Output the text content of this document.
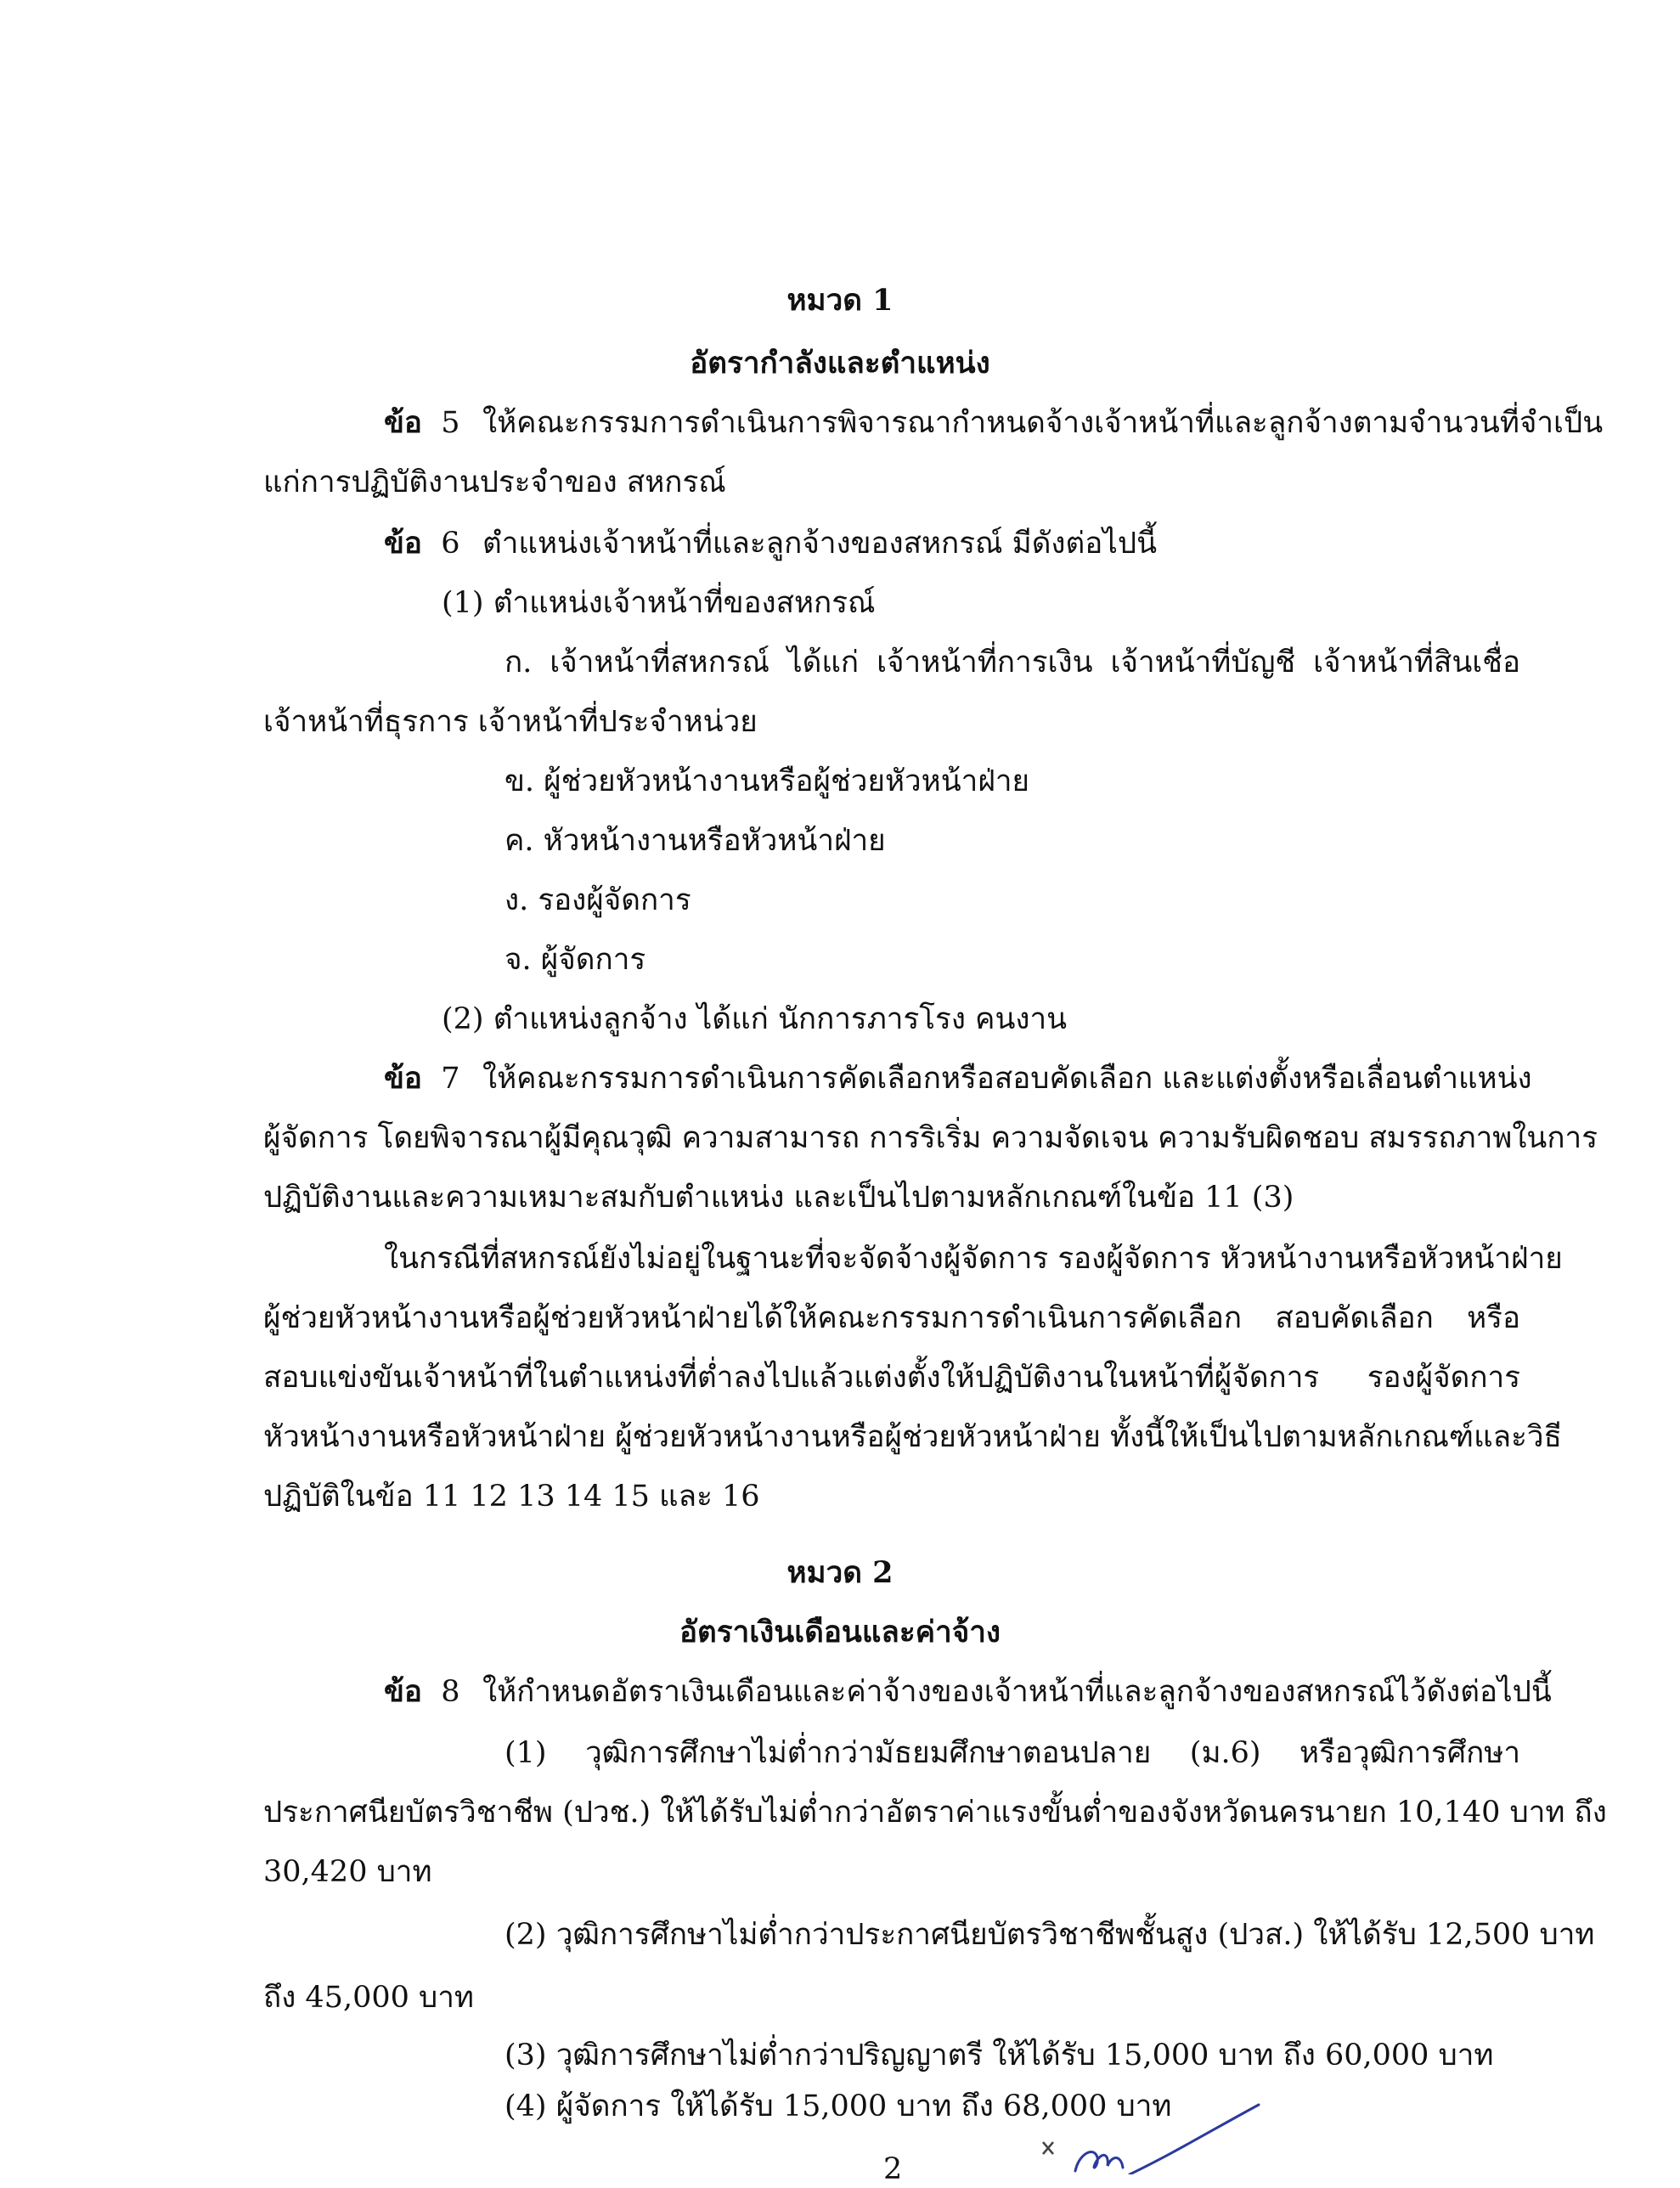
หมวด 1
อัตรากำลังและตำแหน่ง
ข้อ 5 ให้คณะกรรมการดำเนินการพิจารณากำหนดจ้างเจ้าหน้าที่และลูกจ้างตามจำนวนที่จำเป็น
แก่การปฏิบัติงานประจำของ สหกรณ์
ข้อ 6 ตำแหน่งเจ้าหน้าที่และลูกจ้างของสหกรณ์ มีดังต่อไปนี้
(1) ตำแหน่งเจ้าหน้าที่ของสหกรณ์
ก. เจ้าหน้าที่สหกรณ์ ได้แก่ เจ้าหน้าที่การเงิน เจ้าหน้าที่บัญชี เจ้าหน้าที่สินเชื่อ
เจ้าหน้าที่ธุรการ เจ้าหน้าที่ประจำหน่วย
ข. ผู้ช่วยหัวหน้างานหรือผู้ช่วยหัวหน้าฝ่าย
ค. หัวหน้างานหรือหัวหน้าฝ่าย
ง. รองผู้จัดการ
จ. ผู้จัดการ
(2) ตำแหน่งลูกจ้าง ได้แก่ นักการภารโรง คนงาน
ข้อ 7 ให้คณะกรรมการดำเนินการคัดเลือกหรือสอบคัดเลือก และแต่งตั้งหรือเลื่อนตำแหน่ง
ผู้จัดการ โดยพิจารณาผู้มีคุณวุฒิ ความสามารถ การริเริ่ม ความจัดเจน ความรับผิดชอบ สมรรถภาพในการ
ปฏิบัติงานและความเหมาะสมกับตำแหน่ง และเป็นไปตามหลักเกณฑ์ในข้อ 11 (3)
ในกรณีที่สหกรณ์ยังไม่อยู่ในฐานะที่จะจัดจ้างผู้จัดการ รองผู้จัดการ หัวหน้างานหรือหัวหน้าฝ่าย
ผู้ช่วยหัวหน้างานหรือผู้ช่วยหัวหน้าฝ่ายได้ให้คณะกรรมการดำเนินการคัดเลือก สอบคัดเลือก หรือ
สอบแข่งขันเจ้าหน้าที่ในตำแหน่งที่ต่ำลงไปแล้วแต่งตั้งให้ปฏิบัติงานในหน้าที่ผู้จัดการ รองผู้จัดการ
หัวหน้างานหรือหัวหน้าฝ่าย ผู้ช่วยหัวหน้างานหรือผู้ช่วยหัวหน้าฝ่าย ทั้งนี้ให้เป็นไปตามหลักเกณฑ์และวิธี
ปฏิบัติในข้อ 11 12 13 14 15 และ 16
หมวด 2
อัตราเงินเดือนและค่าจ้าง
ข้อ 8 ให้กำหนดอัตราเงินเดือนและค่าจ้างของเจ้าหน้าที่และลูกจ้างของสหกรณ์ไว้ดังต่อไปนี้
(1) วุฒิการศึกษาไม่ต่ำกว่ามัธยมศึกษาตอนปลาย (ม.6) หรือวุฒิการศึกษา
ประกาศนียบัตรวิชาชีพ (ปวช.) ให้ได้รับไม่ต่ำกว่าอัตราค่าแรงขั้นต่ำของจังหวัดนครนายก 10,140 บาท ถึง
30,420 บาท
(2) วุฒิการศึกษาไม่ต่ำกว่าประกาศนียบัตรวิชาชีพชั้นสูง (ปวส.) ให้ได้รับ 12,500 บาท
ถึง 45,000 บาท
(3) วุฒิการศึกษาไม่ต่ำกว่าปริญญาตรี ให้ได้รับ 15,000 บาท ถึง 60,000 บาท
(4) ผู้จัดการ ให้ได้รับ 15,000 บาท ถึง 68,000 บาท
2
